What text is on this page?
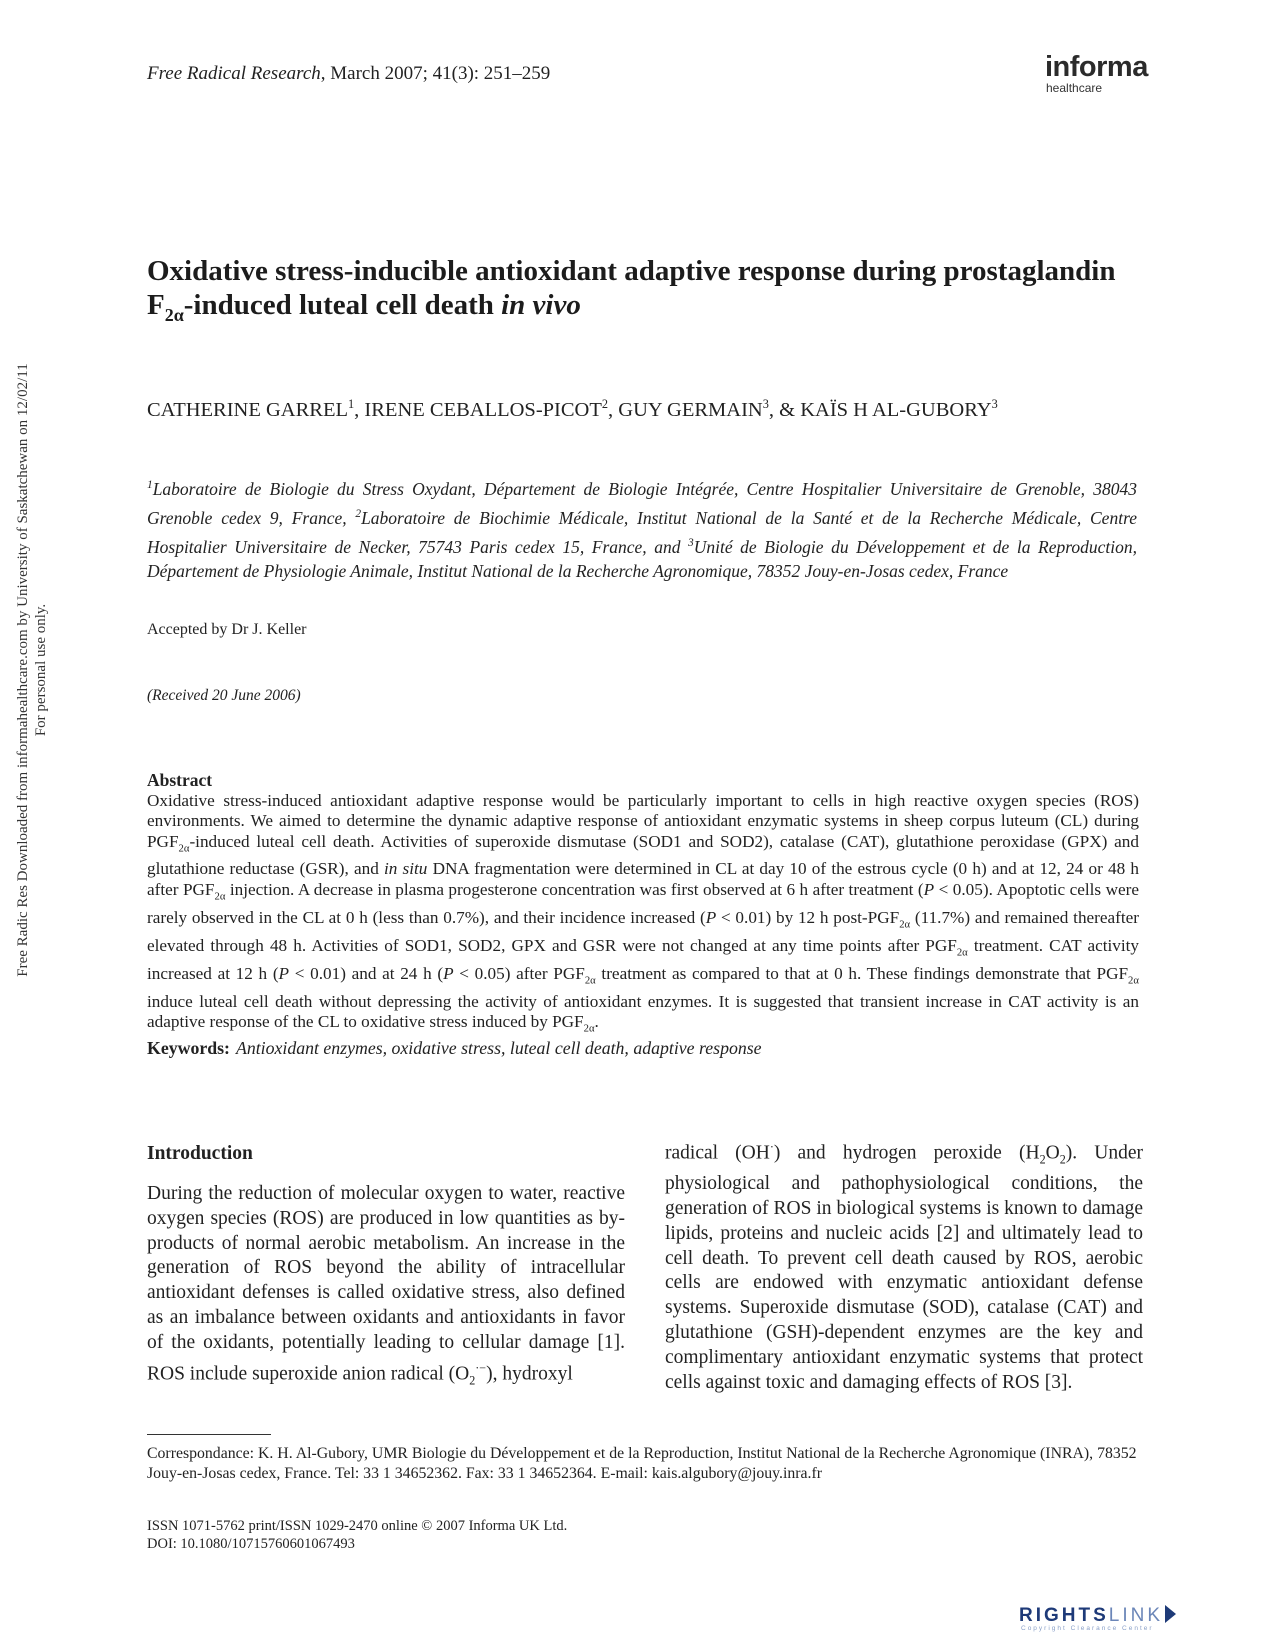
Free Radical Research, March 2007; 41(3): 251–259	informa
healthcare
Free Radic Res Downloaded from informahealthcare.com by University of Saskatchewan on 12/02/11 For personal use only.
Oxidative stress-inducible antioxidant adaptive response during prostaglandin $F_{2\alpha}$-induced luteal cell death in vivo
CATHERINE GARREL$^1$, IRENE CEBALLOS-PICOT$^2$, GUY GERMAIN$^3$, & KAÏS H AL-GUBORY$^3$
$^1$Laboratoire de Biologie du Stress Oxydant, Département de Biologie Intégrée, Centre Hospitalier Universitaire de Grenoble, 38043 Grenoble cedex 9, France, $^2$Laboratoire de Biochimie Médicale, Institut National de la Santé et de la Recherche Médicale, Centre Hospitalier Universitaire de Necker, 75743 Paris cedex 15, France, and $^3$Unité de Biologie du Développement et de la Reproduction, Département de Physiologie Animale, Institut National de la Recherche Agronomique, 78352 Jouy-en-Josas cedex, France
Accepted by Dr J. Keller
(Received 20 June 2006)
Abstract
Oxidative stress-induced antioxidant adaptive response would be particularly important to cells in high reactive oxygen species (ROS) environments. We aimed to determine the dynamic adaptive response of antioxidant enzymatic systems in sheep corpus luteum (CL) during $PGF_{2\alpha}$-induced luteal cell death. Activities of superoxide dismutase (SOD1 and SOD2), catalase (CAT), glutathione peroxidase (GPX) and glutathione reductase (GSR), and in situ DNA fragmentation were determined in CL at day 10 of the estrous cycle (0 h) and at 12, 24 or 48 h after $PGF_{2\alpha}$ injection. A decrease in plasma progesterone concentration was first observed at 6 h after treatment (P < 0.05). Apoptotic cells were rarely observed in the CL at 0 h (less than 0.7%), and their incidence increased (P < 0.01) by 12 h post-$PGF_{2\alpha}$ (11.7%) and remained thereafter elevated through 48 h. Activities of SOD1, SOD2, GPX and GSR were not changed at any time points after $PGF_{2\alpha}$ treatment. CAT activity increased at 12 h (P < 0.01) and at 24 h (P < 0.05) after $PGF_{2\alpha}$ treatment as compared to that at 0 h. These findings demonstrate that $PGF_{2\alpha}$ induce luteal cell death without depressing the activity of antioxidant enzymes. It is suggested that transient increase in CAT activity is an adaptive response of the CL to oxidative stress induced by $PGF_{2\alpha}$.
Keywords: Antioxidant enzymes, oxidative stress, luteal cell death, adaptive response
Introduction
During the reduction of molecular oxygen to water, reactive oxygen species (ROS) are produced in low quantities as by-products of normal aerobic metabolism. An increase in the generation of ROS beyond the ability of intracellular antioxidant defenses is called oxidative stress, also defined as an imbalance between oxidants and antioxidants in favor of the oxidants, potentially leading to cellular damage [1]. ROS include superoxide anion radical $(O_2^{\cdot-})$, hydroxyl
radical (OH·) and hydrogen peroxide $(H_2O_2)$. Under physiological and pathophysiological conditions, the generation of ROS in biological systems is known to damage lipids, proteins and nucleic acids [2] and ultimately lead to cell death. To prevent cell death caused by ROS, aerobic cells are endowed with enzymatic antioxidant defense systems. Superoxide dismutase (SOD), catalase (CAT) and glutathione (GSH)-dependent enzymes are the key and complimentary antioxidant enzymatic systems that protect cells against toxic and damaging effects of ROS [3].
Correspondance: K. H. Al-Gubory, UMR Biologie du Développement et de la Reproduction, Institut National de la Recherche Agronomique (INRA), 78352 Jouy-en-Josas cedex, France. Tel: 33 1 34652362. Fax: 33 1 34652364. E-mail: kais.algubory@jouy.inra.fr
ISSN 1071-5762 print/ISSN 1029-2470 online © 2007 Informa UK Ltd.
DOI: 10.1080/10715760601067493
RIGHTSLINK
Copyright Clearance Center
